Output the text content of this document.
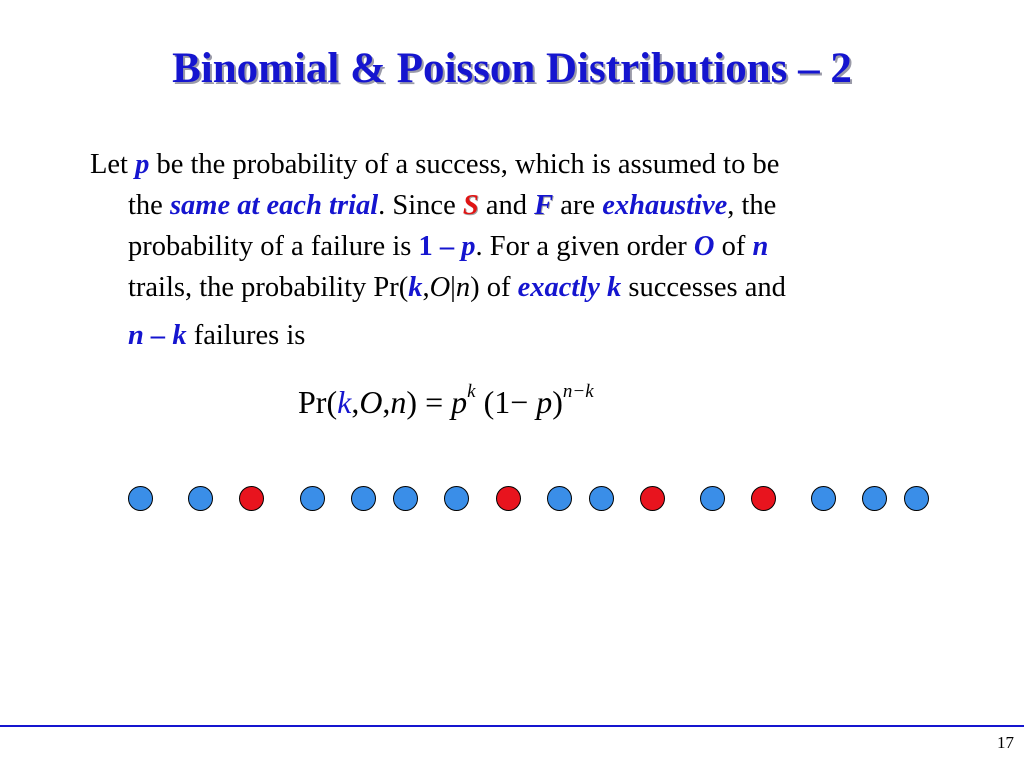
Binomial & Poisson Distributions – 2
Let p be the probability of a success, which is assumed to be
the same at each trial. Since S and F are exhaustive, the
probability of a failure is 1 – p. For a given order O of n
trails, the probability Pr(k,O|n) of exactly k successes and
n – k failures is
$Pr(k,O,n) = p^k$ $(1- p)^{n-k}$
17
